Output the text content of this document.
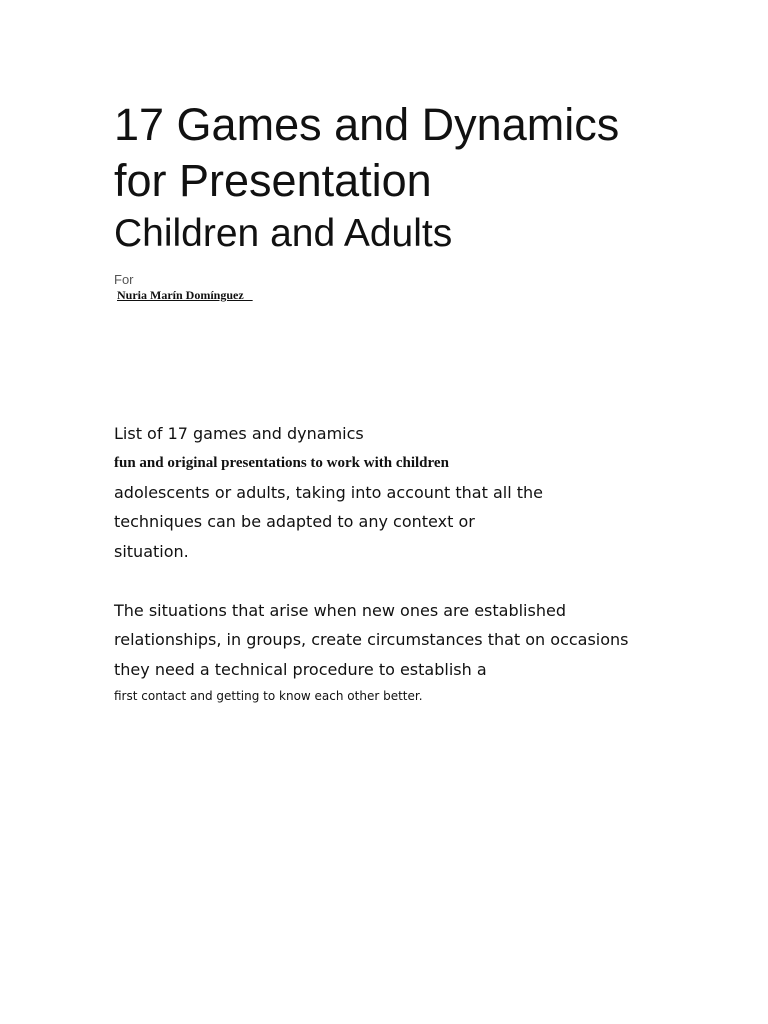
17 Games and Dynamics
for Presentation
Children and Adults
For
Nuria Marín Domínguez
List of 17 games and dynamics
fun and original presentations to work with children
adolescents or adults, taking into account that all the
techniques can be adapted to any context or
situation.
The situations that arise when new ones are established
relationships, in groups, create circumstances that on occasions
they need a technical procedure to establish a
first contact and getting to know each other better.
